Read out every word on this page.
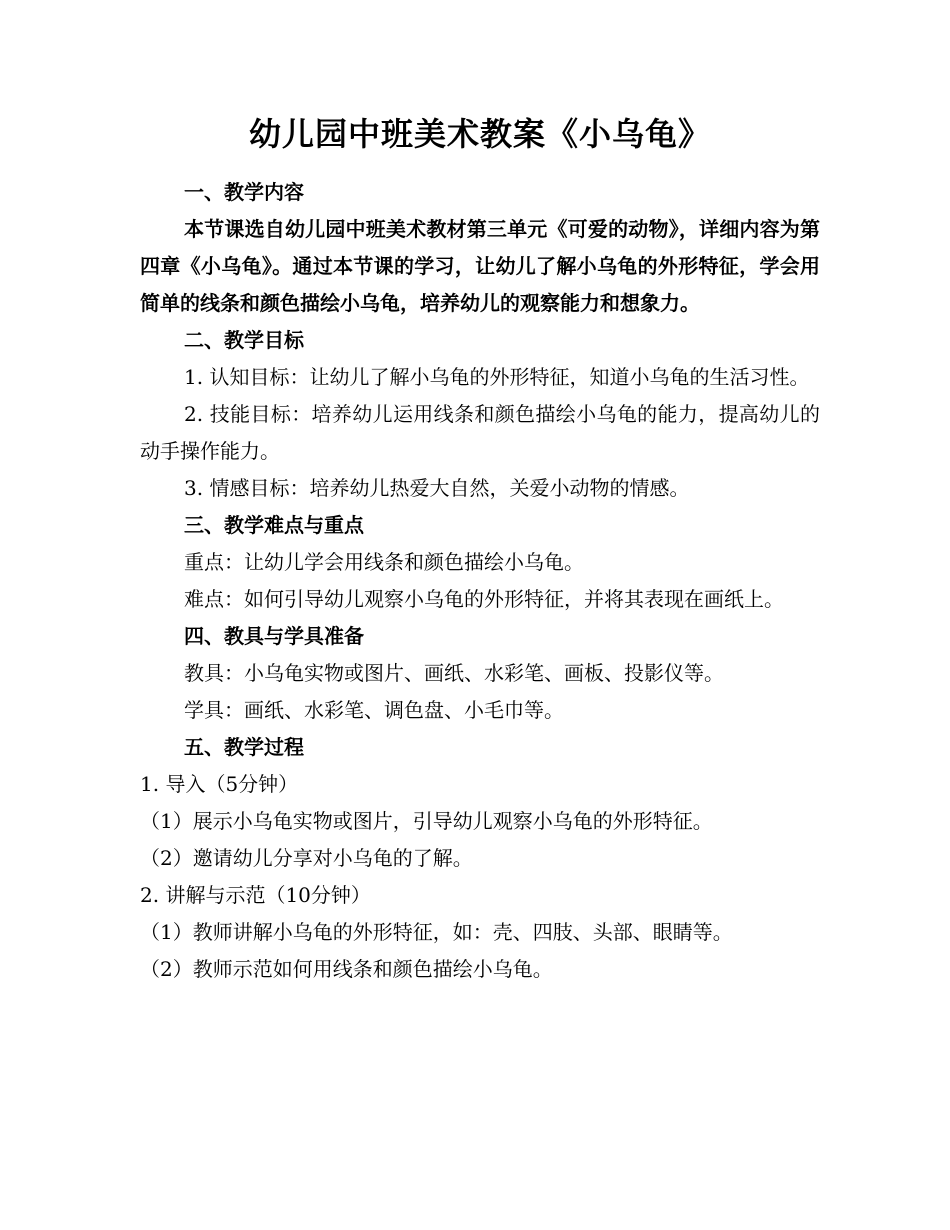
幼儿园中班美术教案《小乌龟》

一、教学内容

本节课选自幼儿园中班美术教材第三单元《可爱的动物》，详细内容为第四章《小乌龟》。通过本节课的学习，让幼儿了解小乌龟的外形特征，学会用简单的线条和颜色描绘小乌龟，培养幼儿的观察能力和想象力。

二、教学目标

1. 认知目标：让幼儿了解小乌龟的外形特征，知道小乌龟的生活习性。

2. 技能目标：培养幼儿运用线条和颜色描绘小乌龟的能力，提高幼儿的动手操作能力。

3. 情感目标：培养幼儿热爱大自然，关爱小动物的情感。

三、教学难点与重点

重点：让幼儿学会用线条和颜色描绘小乌龟。

难点：如何引导幼儿观察小乌龟的外形特征，并将其表现在画纸上。

四、教具与学具准备

教具：小乌龟实物或图片、画纸、水彩笔、画板、投影仪等。

学具：画纸、水彩笔、调色盘、小毛巾等。

五、教学过程

1. 导入（5分钟）

（1）展示小乌龟实物或图片，引导幼儿观察小乌龟的外形特征。

（2）邀请幼儿分享对小乌龟的了解。

2. 讲解与示范（10分钟）

（1）教师讲解小乌龟的外形特征，如：壳、四肢、头部、眼睛等。

（2）教师示范如何用线条和颜色描绘小乌龟。
